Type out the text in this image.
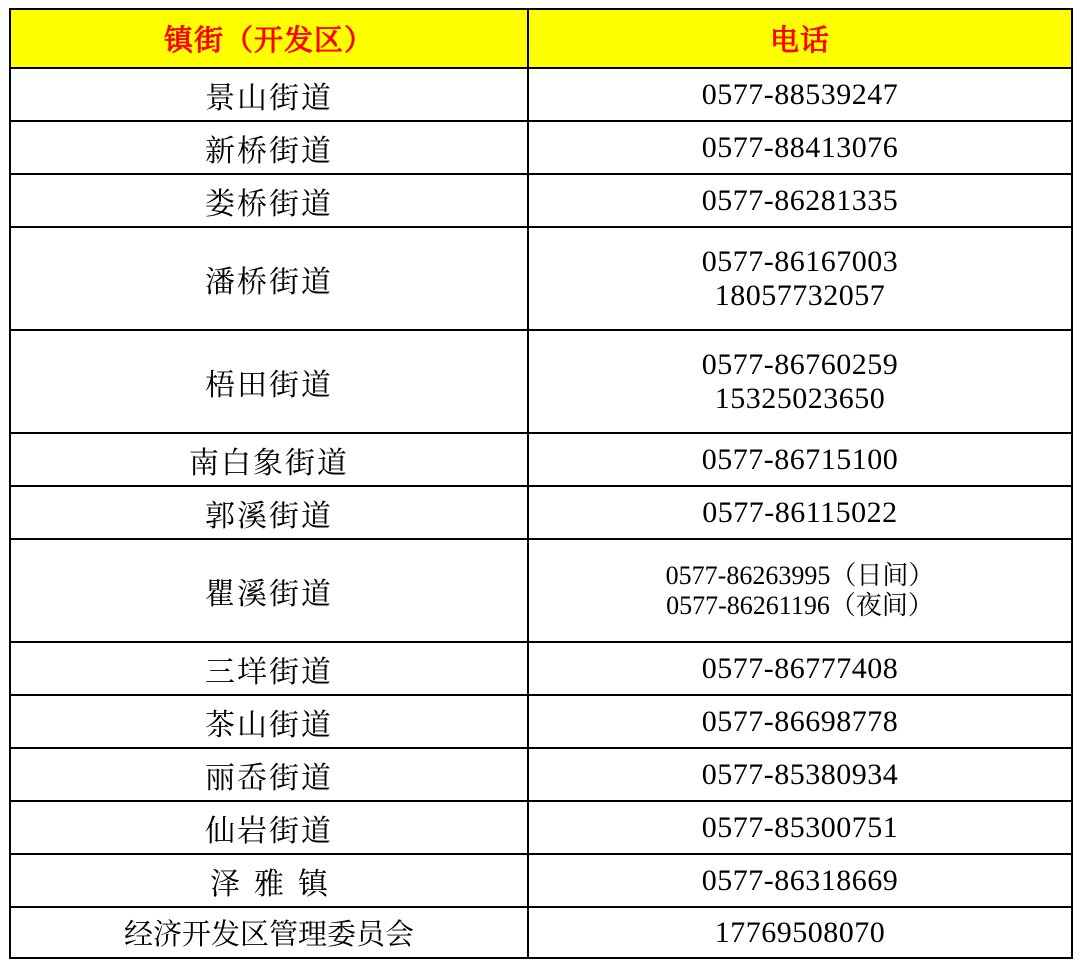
镇街（开发区）	电话
景山街道	0577-88539247

新桥街道	0577-88413076

娄桥街道	0577-86281335

潘桥街道	0577-86167003
18057732057

梧田街道	0577-86760259
15325023650

南白象街道	0577-86715100

郭溪街道	0577-86115022

瞿溪街道	0577-86263995（日间）
0577-86261196（夜间）

三垟街道	0577-86777408

茶山街道	0577-86698778

丽岙街道	0577-85380934

仙岩街道	0577-85300751

泽雅镇	0577-86318669

经济开发区管理委员会	17769508070
